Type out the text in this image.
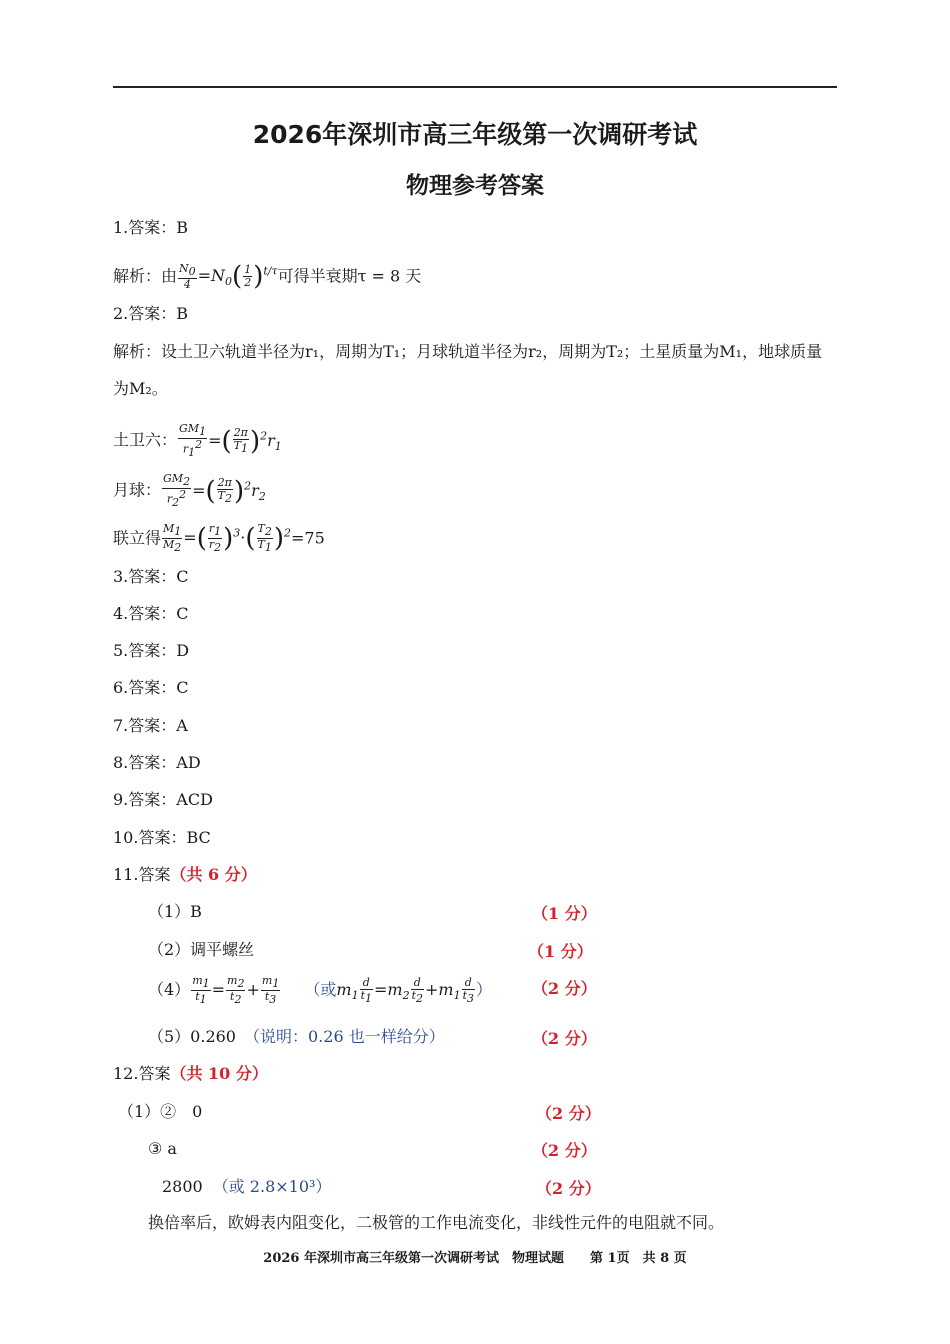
2026年深圳市高三年级第一次调研考试
物理参考答案
1.答案：B
解析：由 $\frac{N_0}{4} =N_0( \frac{1}{2} )^{t/\tau}$可得半衰期τ = 8 天
2.答案：B
解析：设土卫六轨道半径为r₁，周期为T₁；月球轨道半径为r₂，周期为T₂；土星质量为M₁，地球质量
为M₂。
土卫六： $\frac{GM_1}{r_1^2}$ =( $\frac{2\pi}{T_1} )^2r_1$
月球： $\frac{GM_2}{r_2^2}$ =( $\frac{2\pi}{T_2} )^2r_2$
联立得 $\frac{M_1}{M_2}$ =( $\frac{r_1}{r_2} )^3\cdot( \frac{T_2}{T_1} )^2=75$
3.答案：C
4.答案：C
5.答案：D
6.答案：C
7.答案：A
8.答案：AD
9.答案：ACD
10.答案：BC
11.答案（共 6 分）
（1）B	（1 分）
（2）调平螺丝	（1 分）
$(4) \frac{m_1}{t_1} = \frac{m_2}{t_2} + \frac{m_1}{t_3}$ （或$m_1 \frac{d}{t_1} =m_2 \frac{d}{t_2} +m_1 \frac{d}{t_3}$ ） （2 分）
（5）0.260 （说明：0.26 也一样给分）	（2 分）
12.答案（共 10 分）
（1）②　0	（2 分）
③ a	（2 分）
2800 （或 2.8×10³）	（2 分）
换倍率后，欧姆表内阻变化，二极管的工作电流变化，非线性元件的电阻就不同。
2026 年深圳市高三年级第一次调研考试　物理试题　　第 1页　共 8 页
